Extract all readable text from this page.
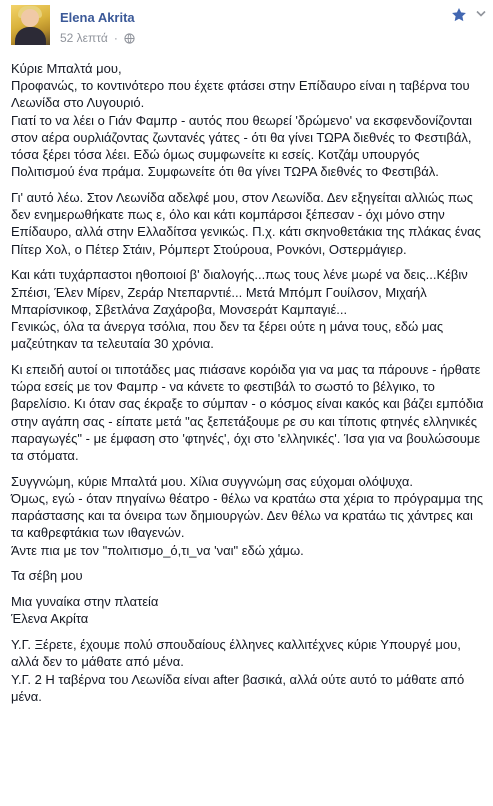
Elena Akrita
52 λεπτά ·

Κύριε Μπαλτά μου,
Προφανώς, το κοντινότερο που έχετε φτάσει στην Επίδαυρο είναι η ταβέρνα του Λεωνίδα στο Λυγουριό.
Γιατί το να λέει ο Γιάν Φαμπρ - αυτός που θεωρεί 'δρώμενο' να εκσφενδονίζονται στον αέρα ουρλιάζοντας ζωντανές γάτες - ότι θα γίνει ΤΩΡΑ διεθνές το Φεστιβάλ, τόσα ξέρει τόσα λέει. Εδώ όμως συμφωνείτε κι εσείς. Κοτζάμ υπουργός Πολιτισμού ένα πράμα. Συμφωνείτε ότι θα γίνει ΤΩΡΑ διεθνές το Φεστιβάλ.

Γι' αυτό λέω. Στον Λεωνίδα αδελφέ μου, στον Λεωνίδα. Δεν εξηγείται αλλιώς πως δεν ενημερωθήκατε πως ε, όλο και κάτι κομπάρσοι ξέπεσαν - όχι μόνο στην Επίδαυρο, αλλά στην Ελλαδίτσα γενικώς. Π.χ. κάτι σκηνοθετάκια της πλάκας ένας Πίτερ Χολ, ο Πέτερ Στάιν, Ρόμπερτ Στούρουα, Ρονκόνι, Οστερμάγιερ.

Και κάτι τυχάρπαστοι ηθοποιοί β' διαλογής...πως τους λένε μωρέ να δεις...Κέβιν Σπέισι, Έλεν Μίρεν, Ζεράρ Ντεπαρντιέ... Μετά Μπόμπ Γουίλσον, Μιχαήλ Μπαρίσνικοφ, Σβετλάνα Ζαχάροβα, Μονσεράτ Καμπαγιέ...
Γενικώς, όλα τα άνεργα τσόλια, που δεν τα ξέρει ούτε η μάνα τους, εδώ μας μαζεύτηκαν τα τελευταία 30 χρόνια.

Κι επειδή αυτοί οι τιποτάδες μας πιάσανε κορόιδα για να μας τα πάρουνε - ήρθατε τώρα εσείς με τον Φαμπρ - να κάνετε το φεστιβάλ το σωστό το βέλγικο, το βαρελίσιο. Κι όταν σας έκραξε το σύμπαν - ο κόσμος είναι κακός και βάζει εμπόδια στην αγάπη σας - είπατε μετά "ας ξεπετάξουμε ρε συ και τίποτις φτηνές ελληνικές παραγωγές" - με έμφαση στο 'φτηνές', όχι στο 'ελληνικές'. Ίσα για να βουλώσουμε τα στόματα.

Συγγνώμη, κύριε Μπαλτά μου. Χίλια συγγνώμη σας εύχομαι ολόψυχα.
Όμως, εγώ - όταν πηγαίνω θέατρο - θέλω να κρατάω στα χέρια το πρόγραμμα της παράστασης και τα όνειρα των δημιουργών. Δεν θέλω να κρατάω τις χάντρες και τα καθρεφτάκια των ιθαγενών.
Άντε πια με τον "πολιτισμο_ό,τι_να 'ναι" εδώ χάμω.

Τα σέβη μου

Μια γυναίκα στην πλατεία
Έλενα Ακρίτα

Υ.Γ. Ξέρετε, έχουμε πολύ σπουδαίους έλληνες καλλιτέχνες κύριε Υπουργέ μου, αλλά δεν το μάθατε από μένα.
Υ.Γ. 2 Η ταβέρνα του Λεωνίδα είναι after βασικά, αλλά ούτε αυτό το μάθατε από μένα.
